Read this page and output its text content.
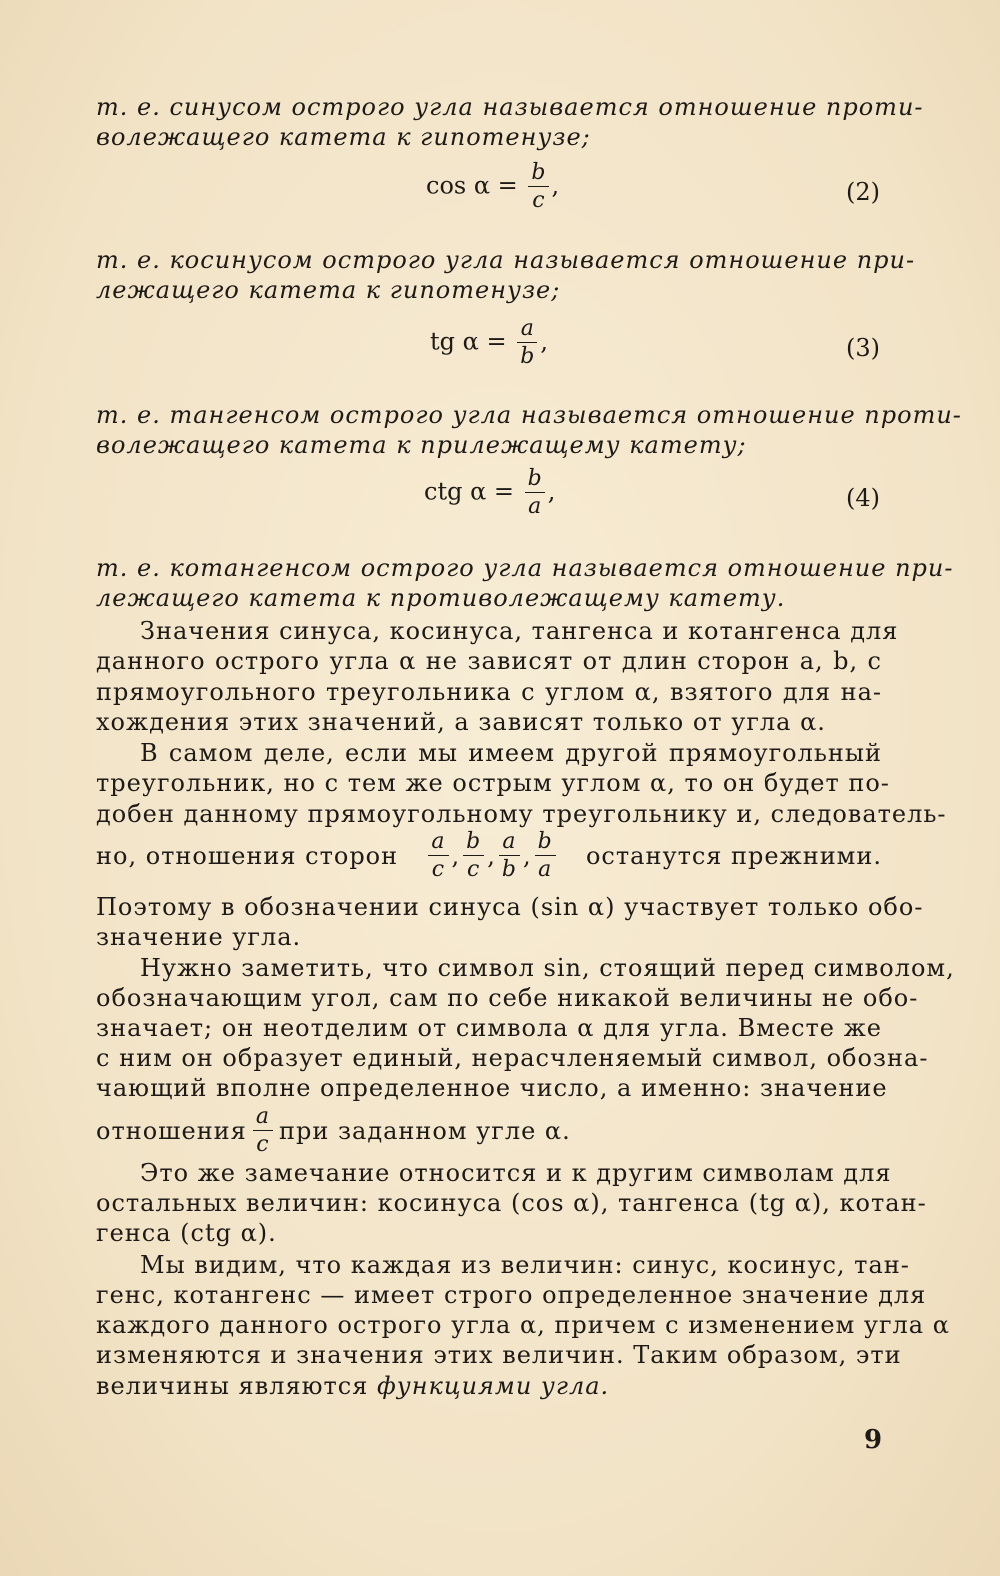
т. е. синусом острого угла называется отношение проти-
волежащего катета к гипотенузе;
$\cos \alpha = \frac{b}{c}$ ,	(2)
т. е. косинусом острого угла называется отношение при-
лежащего катета к гипотенузе;
tg $\alpha = \frac{a}{b}$ ,	(3)
т. е. тангенсом острого угла называется отношение проти-
волежащего катета к прилежащему катету;
ctg $\alpha = \frac{b}{a}$ ,	(4)
т. е. котангенсом острого угла называется отношение при-
лежащего катета к противолежащему катету.
Значения синуса, косинуса, тангенса и котангенса для
данного острого угла α не зависят от длин сторон a, b, c
прямоугольного треугольника с углом α, взятого для на-
хождения этих значений, а зависят только от угла α.
В самом деле, если мы имеем другой прямоугольный
треугольник, но с тем же острым углом α, то он будет по-
добен данному прямоугольному треугольнику и, следователь-
но, отношения сторон $\frac{a}{c}$ , $\frac{b}{c}$ , $\frac{a}{b}$ , $\frac{b}{a}$ останутся прежними.
Поэтому в обозначении синуса (sin α) участвует только обо-
значение угла.
Нужно заметить, что символ sin, стоящий перед символом,
обозначающим угол, сам по себе никакой величины не обо-
значает; он неотделим от символа α для угла. Вместе же
с ним он образует единый, нерасчленяемый символ, обозна-
чающий вполне определенное число, а именно: значение
отношения $\frac{a}{c}$ при заданном угле α.
Это же замечание относится и к другим символам для
остальных величин: косинуса (cos α), тангенса (tg α), котан-
генса (ctg α).
Мы видим, что каждая из величин: синус, косинус, тан-
генс, котангенс — имеет строго определенное значение для
каждого данного острого угла α, причем с изменением угла α
изменяются и значения этих величин. Таким образом, эти
величины являются функциями угла.
9
